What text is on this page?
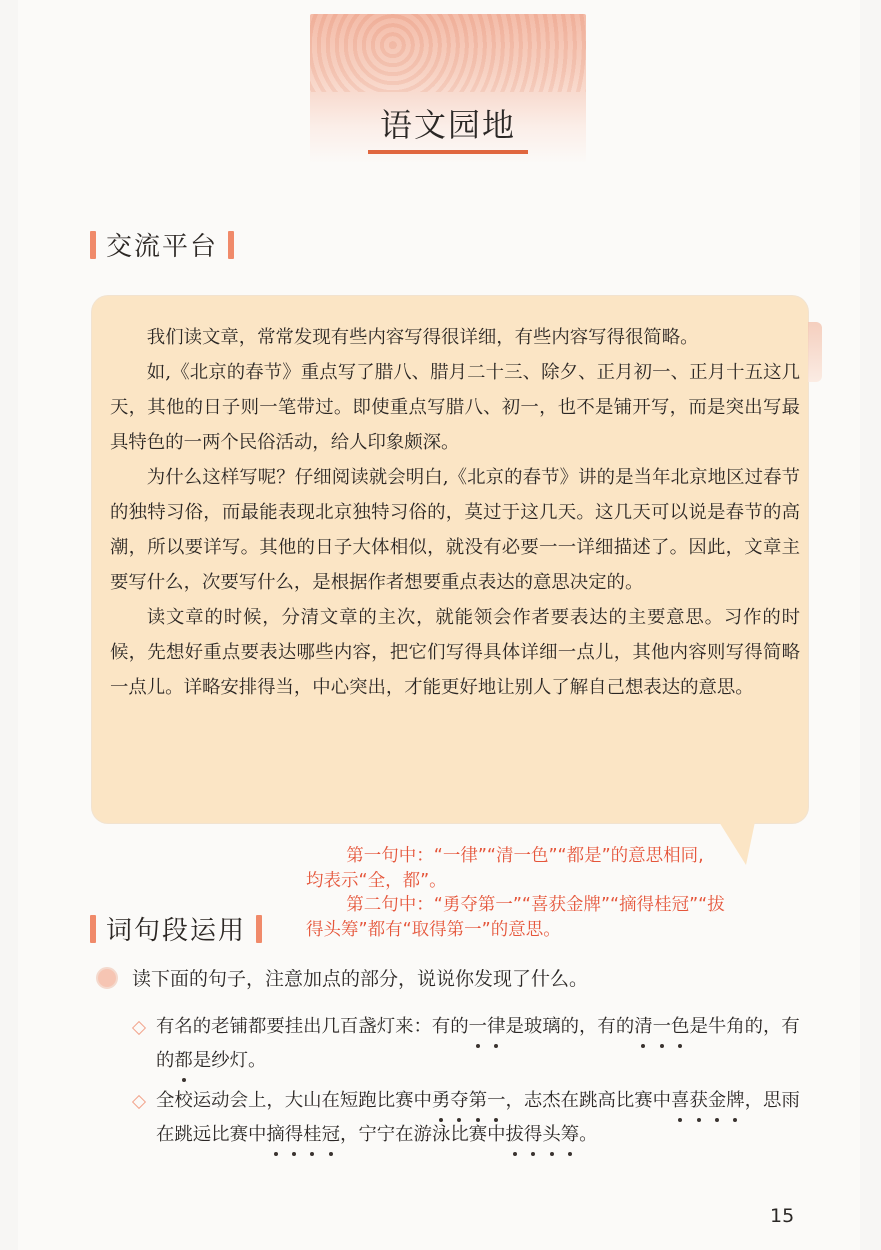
语文园地
交流平台

我们读文章，常常发现有些内容写得很详细，有些内容写得很简略。

如,《北京的春节》重点写了腊八、腊月二十三、除夕、正月初一、正月十五这几天，其他的日子则一笔带过。即使重点写腊八、初一，也不是铺开写，而是突出写最具特色的一两个民俗活动，给人印象颇深。

为什么这样写呢？仔细阅读就会明白,《北京的春节》讲的是当年北京地区过春节的独特习俗，而最能表现北京独特习俗的，莫过于这几天。这几天可以说是春节的高潮，所以要详写。其他的日子大体相似，就没有必要一一详细描述了。因此，文章主要写什么，次要写什么，是根据作者想要重点表达的意思决定的。

读文章的时候，分清文章的主次，就能领会作者要表达的主要意思。习作的时候，先想好重点要表达哪些内容，把它们写得具体详细一点儿，其他内容则写得简略一点儿。详略安排得当，中心突出，才能更好地让别人了解自己想表达的意思。

第一句中：“一律”“清一色”“都是”的意思相同,

均表示“全，都”。

第二句中：“勇夺第一”“喜获金牌”“摘得桂冠”“拔

得头筹”都有“取得第一”的意思。

词句段运用
读下面的句子，注意加点的部分，说说你发现了什么。
有名的老铺都要挂出几百盏灯来：有的一律是玻璃的，有的清一色是牛角的，有的都是纱灯。
全校运动会上，大山在短跑比赛中勇夺第一，志杰在跳高比赛中喜获金牌，思雨在跳远比赛中摘得桂冠，宁宁在游泳比赛中拔得头筹。
15
